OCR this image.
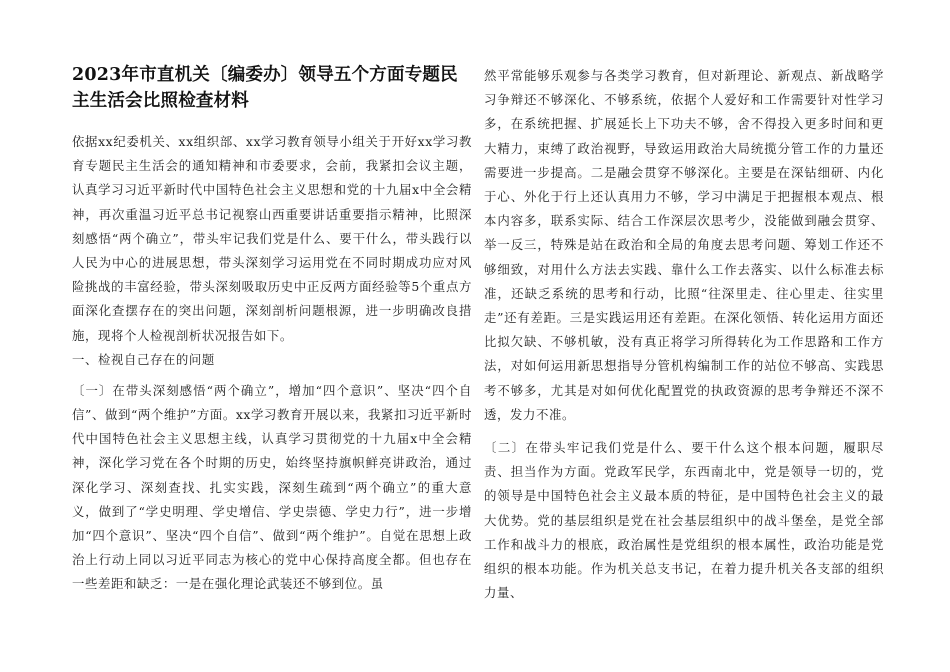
2023年市直机关〔编委办〕领导五个方面专题民主生活会比照检查材料

依据xx纪委机关、xx组织部、xx学习教育领导小组关于开好xx学习教育专题民主生活会的通知精神和市委要求，会前，我紧扣会议主题，认真学习习近平新时代中国特色社会主义思想和党的十九届x中全会精神，再次重温习近平总书记视察山西重要讲话重要指示精神，比照深刻感悟“两个确立”，带头牢记我们党是什么、要干什么，带头践行以人民为中心的进展思想，带头深刻学习运用党在不同时期成功应对风险挑战的丰富经验，带头深刻吸取历史中正反两方面经验等5个重点方面深化查摆存在的突出问题，深刻剖析问题根源，进一步明确改良措施，现将个人检视剖析状况报告如下。

一、检视自己存在的问题

〔一〕在带头深刻感悟“两个确立”，增加“四个意识”、坚决“四个自信”、做到“两个维护”方面。xx学习教育开展以来，我紧扣习近平新时代中国特色社会主义思想主线，认真学习贯彻党的十九届x中全会精神，深化学习党在各个时期的历史，始终坚持旗帜鲜亮讲政治，通过深化学习、深刻查找、扎实实践，深刻生疏到“两个确立”的重大意义，做到了“学史明理、学史增信、学史崇德、学史力行”，进一步增加“四个意识”、坚决“四个自信”、做到“两个维护”。自觉在思想上政治上行动上同以习近平同志为核心的党中心保持高度全都。但也存在一些差距和缺乏：一是在强化理论武装还不够到位。虽

然平常能够乐观参与各类学习教育，但对新理论、新观点、新战略学习争辩还不够深化、不够系统，依据个人爱好和工作需要针对性学习多，在系统把握、扩展延长上下功夫不够，舍不得投入更多时间和更大精力，束缚了政治视野，导致运用政治大局统揽分管工作的力量还需要进一步提高。二是融会贯穿不够深化。主要是在深钻细研、内化于心、外化于行上还认真用力不够，学习中满足于把握根本观点、根本内容多，联系实际、结合工作深层次思考少，没能做到融会贯穿、举一反三，特殊是站在政治和全局的角度去思考问题、筹划工作还不够细致，对用什么方法去实践、靠什么工作去落实、以什么标准去标准，还缺乏系统的思考和行动，比照“往深里走、往心里走、往实里走”还有差距。三是实践运用还有差距。在深化领悟、转化运用方面还比拟欠缺、不够机敏，没有真正将学习所得转化为工作思路和工作方法，对如何运用新思想指导分管机构编制工作的站位不够高、实践思考不够多，尤其是对如何优化配置党的执政资源的思考争辩还不深不透，发力不准。

〔二〕在带头牢记我们党是什么、要干什么这个根本问题，履职尽责、担当作为方面。党政军民学，东西南北中，党是领导一切的，党的领导是中国特色社会主义最本质的特征，是中国特色社会主义的最大优势。党的基层组织是党在社会基层组织中的战斗堡垒，是党全部工作和战斗力的根底，政治属性是党组织的根本属性，政治功能是党组织的根本功能。作为机关总支书记，在着力提升机关各支部的组织力量、
